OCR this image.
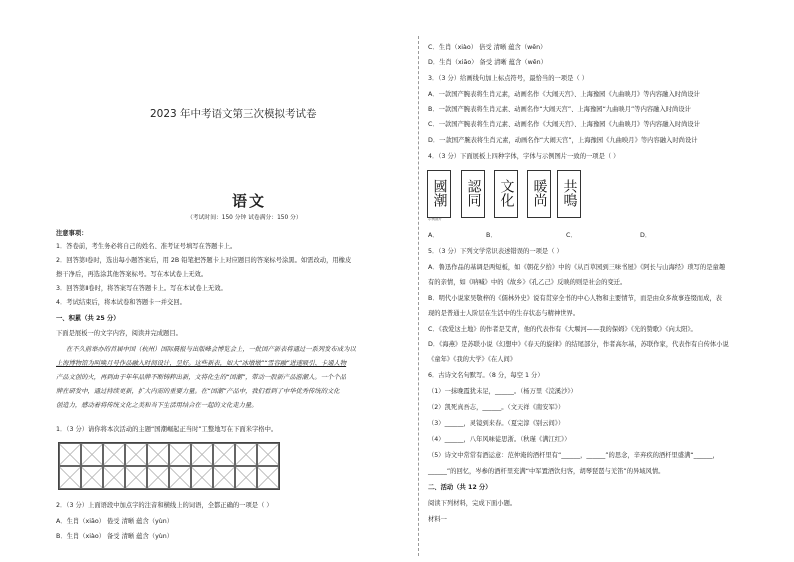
2023 年中考语文第三次模拟考试卷
语文
（考试时间：150 分钟 试卷满分：150 分）
注意事项：
1．答卷前，考生务必将自己的姓名、准考证号填写在答题卡上。
2．回答第Ⅰ卷时，选出每小题答案后，用 2B 铅笔把答题卡上对应题目的答案标号涂黑。如需改动，用橡皮
擦干净后，再选涂其他答案标号。写在本试卷上无效。
3．回答第Ⅱ卷时，将答案写在答题卡上。写在本试卷上无效。
4．考试结束后，将本试卷和答题卡一并交回。
一、积累（共 25 分）
下面是展板一的文字内容，阅读并完成题目。
在不久前举办的首届中国（杭州）国际晨报与出版峰会博览会上，一批国产新表将通过一系列发布成为以
上海博物馆为叫唤月号作品融入时间设计，呈好。这些新表，如大“冰墩墩”“雪容融”进速吸引、卡通人物
产品文创的火，再到由于年年品牌不断铸粹出新，文将化生的“国潮”，带动一股新产品游潮人。一个个品
牌在研发中，通过持续更新，扩大内需的重要力量。在“国潮”产品中，我们看到了中华优秀传统的文化
创造力，感动着将传统文化之美和当下生活用结合在一起的文化走力量。
1．（3 分）请你将本次活动的主题“国潮崛起正当时”工整地写在下面米字格中。
2．（3 分）上面语段中加点字的注音和横线上的词语，全都正确的一项是（ ）
A．生肖（xiāo） 倦受 清晰 蕴含（yùn）
B．生肖（xiào） 备受 清晰 蕴含（yùn）
C．生肖（xiào） 倍受 清晰 蕴含（wēn）
D．生肖（xiāo） 备受 清晰 蕴含（wēn）
3．（3 分）给画线句加上标点符号，最恰当的一项是（ ）
A．一款国产腕表将生肖元素，动画名作《大闹天宫》、上海豫园《九曲映月》等内容融入时尚设计
B．一款国产腕表将生肖元素、动画名作“大闹天宫”、上海豫园“九曲映月”等内容融入时尚设计
C．一款国产腕表将生肖元素、动画名作《大闹天宫》、上海豫园《九曲映月》等内容融入时尚设计
D．一款国产腕表将生肖元素，动画名作“大闹天宫”，上海豫园《九曲映月》等内容融入时尚设计
4．（3 分）下面展板上四种字体，字体与示例图片一致的一项是（ ）
國潮
示例图片
認同 文化 暖尚 共鳴
A．	B．	C．	D．
5．（3 分）下列文学常识表述错误的一项是（ ）
A．鲁迅作品的基调是两短板，如《朝花夕拾》中的《从百草园到三味书屋》《阿长与山海经》琐写的是童趣
有的亲情，如《呐喊》中的《故乡》《孔乙己》反映的则是社会的变迁。
B．明代小说家吴敬梓的《儒林外史》说有贯穿全书的中心人物和主要情节，而是由众多故事连缀而成，表
现的是普通士人阶层在生活中的生存状态与精神世界。
C．《我爱这土地》的作者是艾青，他的代表作有《大堰河——我的保姆》《光的赞歌》《向太阳》。
D．《海燕》是苏联小说《幻想中》《春天的旋律》的结尾部分，作者高尔基，苏联作家，代表作有自传体小说
《童年》《我的大学》《在人间》
6．古诗文名句默写。（8 分，每空 1 分）
（1）一抹晚霞犹未足，______。（杨万里《浣溪沙》）
（2）凯死真吾志，______。（文天祥《南安军》）
（3）______，灵镜到来春。（夏完淳《别云间》）
（4）______，八年风味徒思浙。（秋瑾《满江红》）
（5）诗文中常常有酒运意：范仲淹的酒杆里有“______，______”的思念，辛弃疾的酒杆里盛满“______，
______”的回忆，岑参的酒杆里充满“中军置酒饮归客，胡琴琵琶与羌笛”的异域风情。
二、活动（共 12 分）
阅读下列材料，完成下面小题。
材料一
